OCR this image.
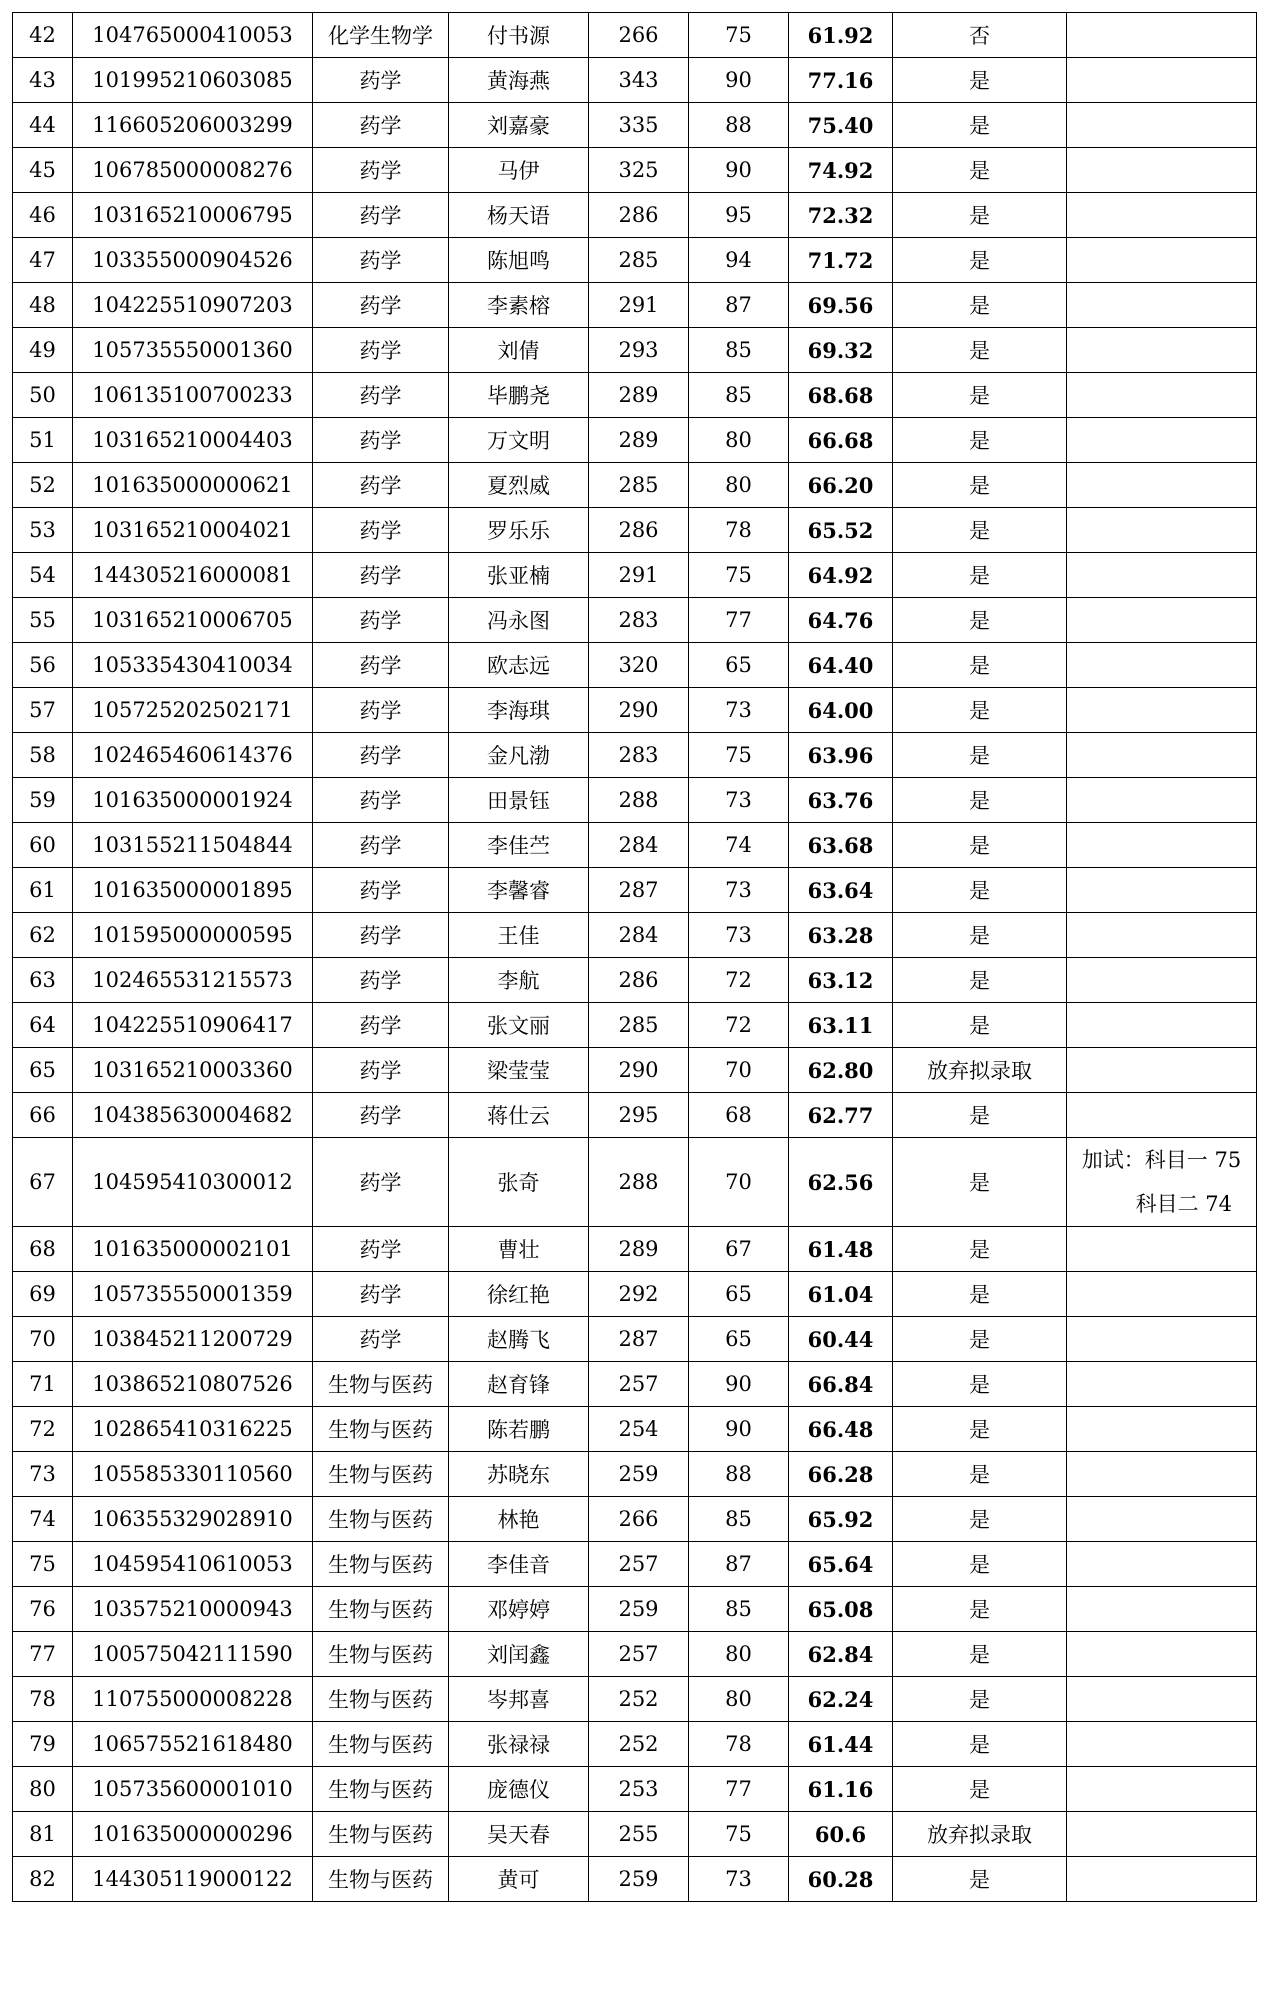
42	104765000410053	化学生物学	付书源	266	75	61.92	否	
43	101995210603085	药学	黄海燕	343	90	77.16	是	
44	116605206003299	药学	刘嘉豪	335	88	75.40	是	
45	106785000008276	药学	马伊	325	90	74.92	是	
46	103165210006795	药学	杨天语	286	95	72.32	是	
47	103355000904526	药学	陈旭鸣	285	94	71.72	是	
48	104225510907203	药学	李素榕	291	87	69.56	是	
49	105735550001360	药学	刘倩	293	85	69.32	是	
50	106135100700233	药学	毕鹏尧	289	85	68.68	是	
51	103165210004403	药学	万文明	289	80	66.68	是	
52	101635000000621	药学	夏烈威	285	80	66.20	是	
53	103165210004021	药学	罗乐乐	286	78	65.52	是	
54	144305216000081	药学	张亚楠	291	75	64.92	是	
55	103165210006705	药学	冯永图	283	77	64.76	是	
56	105335430410034	药学	欧志远	320	65	64.40	是	
57	105725202502171	药学	李海琪	290	73	64.00	是	
58	102465460614376	药学	金凡渤	283	75	63.96	是	
59	101635000001924	药学	田景钰	288	73	63.76	是	
60	103155211504844	药学	李佳苎	284	74	63.68	是	
61	101635000001895	药学	李馨睿	287	73	63.64	是	
62	101595000000595	药学	王佳	284	73	63.28	是	
63	102465531215573	药学	李航	286	72	63.12	是	
64	104225510906417	药学	张文丽	285	72	63.11	是	
65	103165210003360	药学	梁莹莹	290	70	62.80	放弃拟录取	
66	104385630004682	药学	蒋仕云	295	68	62.77	是	
67	104595410300012	药学	张奇	288	70	62.56	是	加试：科目一 75
科目二 74

68	101635000002101	药学	曹壮	289	67	61.48	是	
69	105735550001359	药学	徐红艳	292	65	61.04	是	
70	103845211200729	药学	赵腾飞	287	65	60.44	是	
71	103865210807526	生物与医药	赵育锋	257	90	66.84	是	
72	102865410316225	生物与医药	陈若鹏	254	90	66.48	是	
73	105585330110560	生物与医药	苏晓东	259	88	66.28	是	
74	106355329028910	生物与医药	林艳	266	85	65.92	是	
75	104595410610053	生物与医药	李佳音	257	87	65.64	是	
76	103575210000943	生物与医药	邓婷婷	259	85	65.08	是	
77	100575042111590	生物与医药	刘闰鑫	257	80	62.84	是	
78	110755000008228	生物与医药	岑邦喜	252	80	62.24	是	
79	106575521618480	生物与医药	张禄禄	252	78	61.44	是	
80	105735600001010	生物与医药	庞德仪	253	77	61.16	是	
81	101635000000296	生物与医药	吴天春	255	75	60.6	放弃拟录取	
82	144305119000122	生物与医药	黄可	259	73	60.28	是	
